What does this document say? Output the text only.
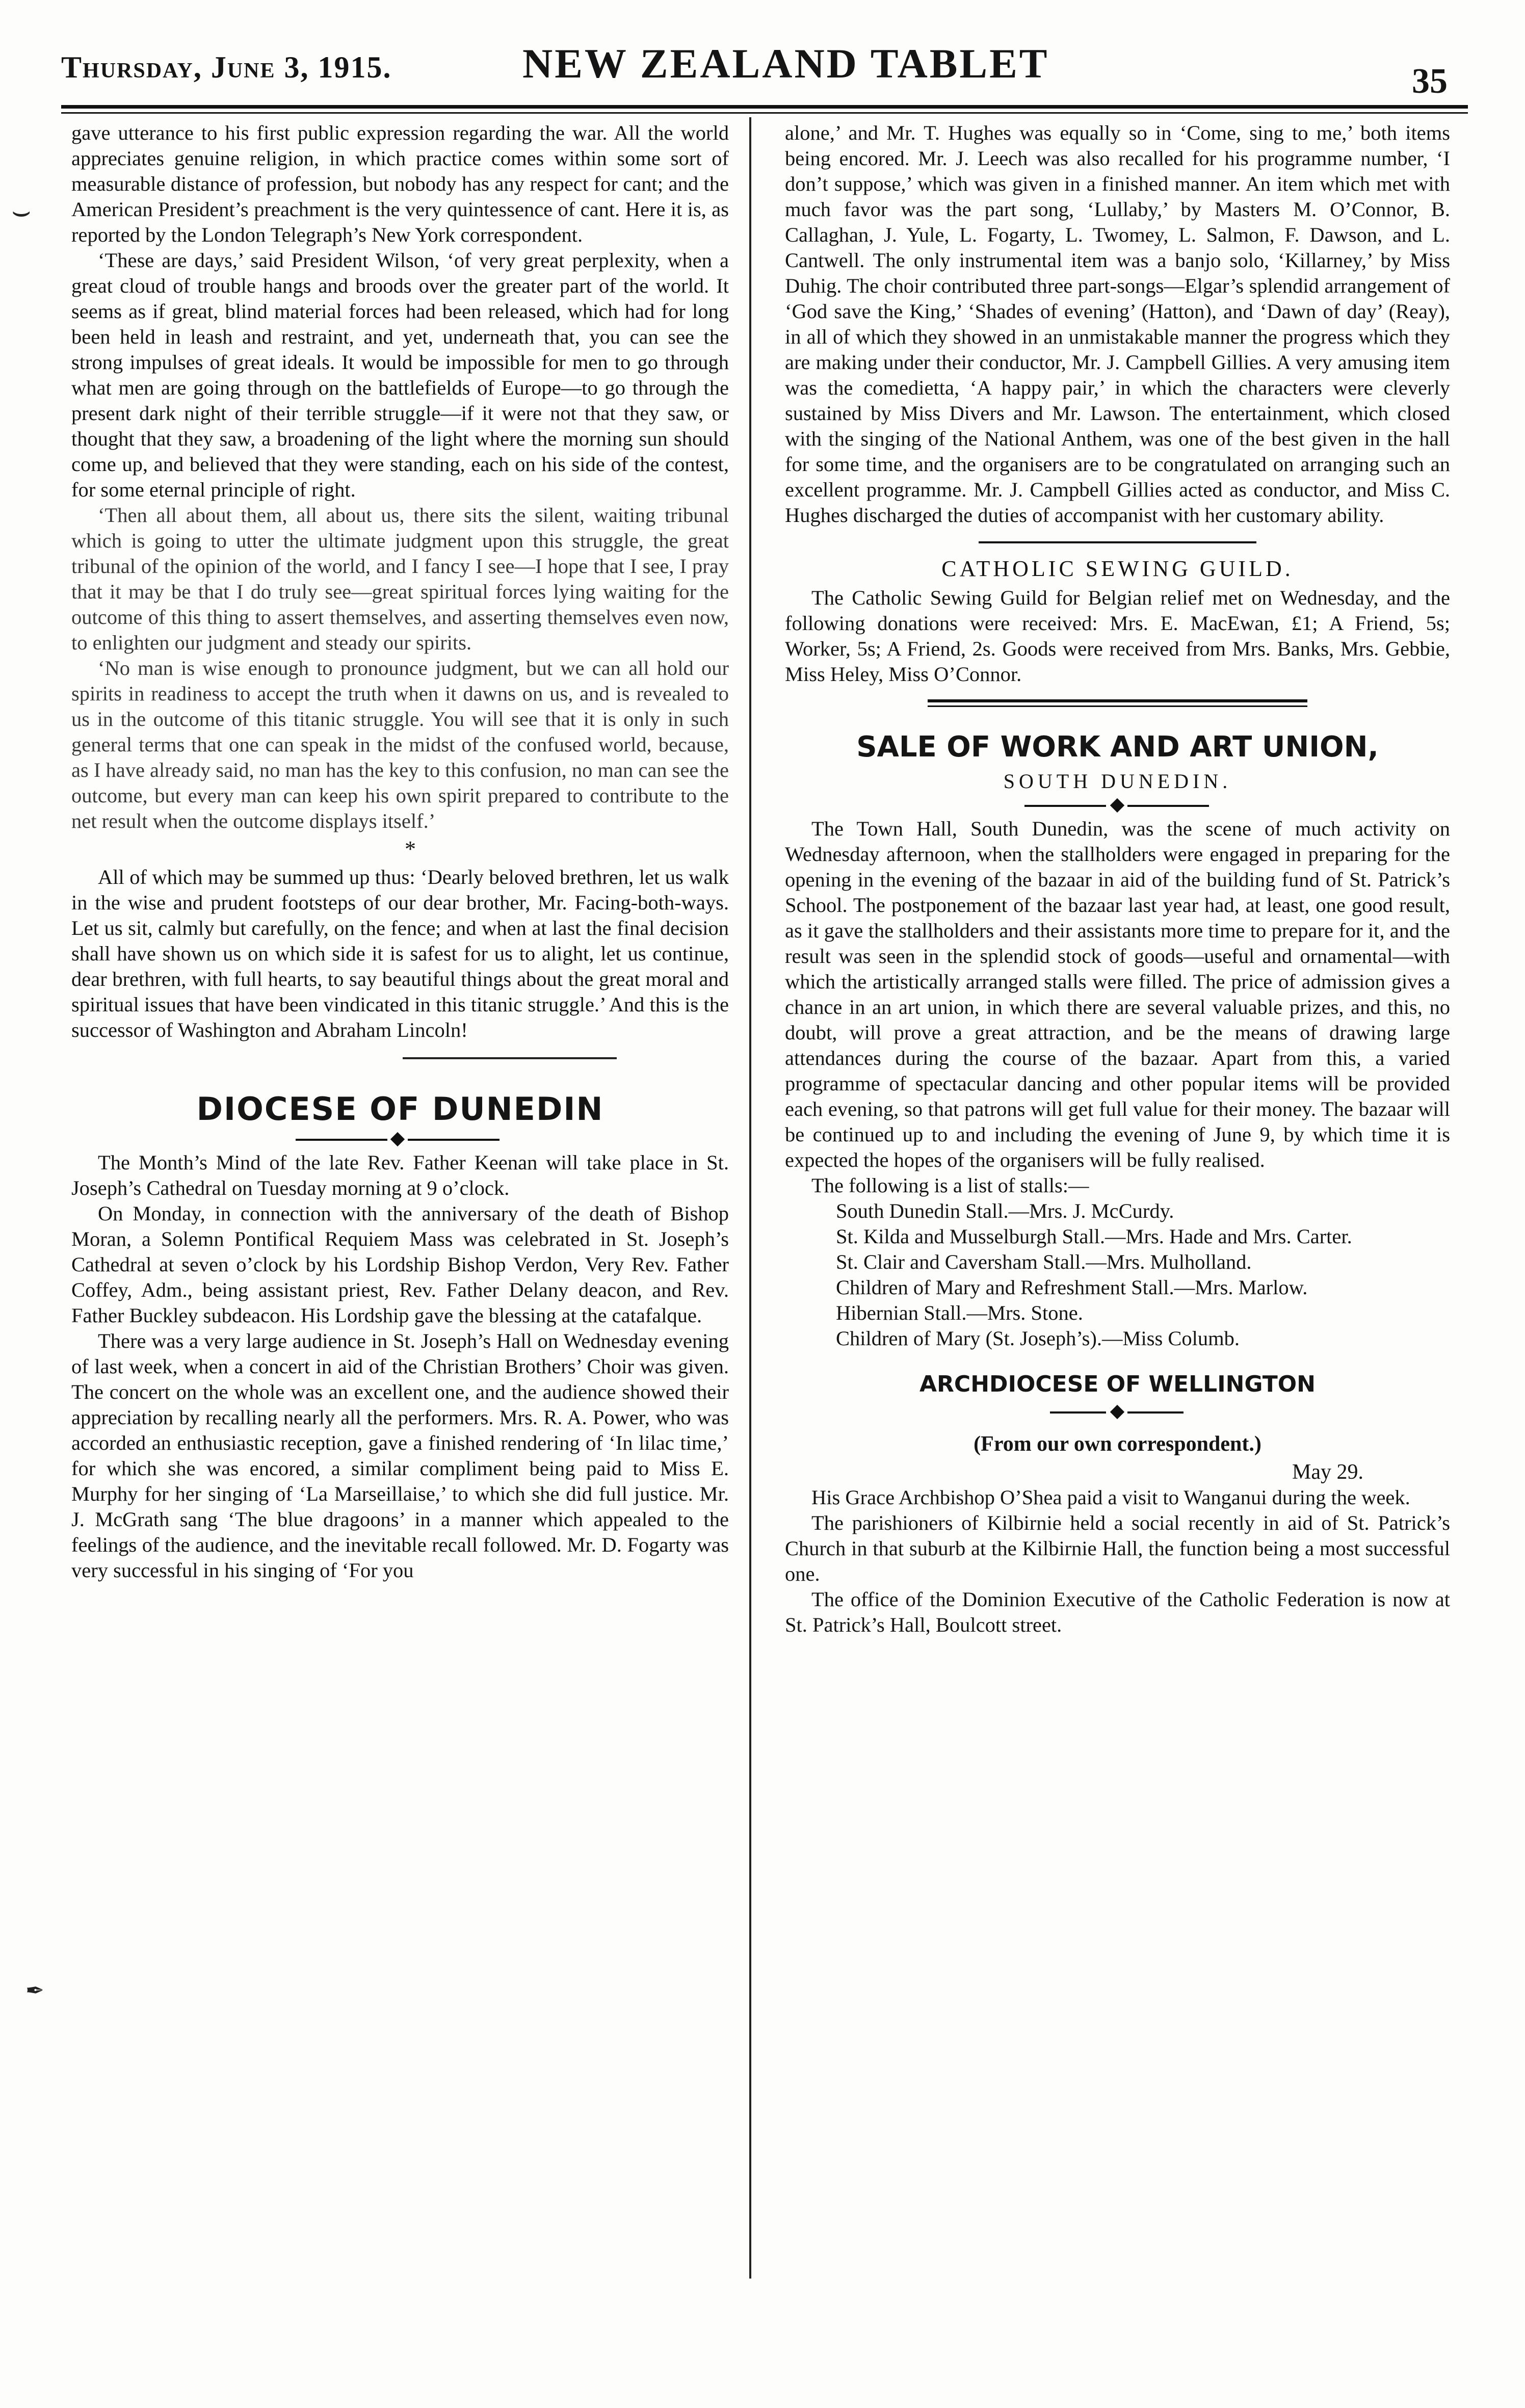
Thursday, June 3, 1915.	NEW ZEALAND TABLET	35
⌣
✒

gave utterance to his first public expression regarding the war. All the world appreciates genuine religion, in which practice comes within some sort of measurable distance of profession, but nobody has any respect for cant; and the American President’s preachment is the very quintessence of cant. Here it is, as reported by the London Telegraph’s New York correspondent.

‘These are days,’ said President Wilson, ‘of very great perplexity, when a great cloud of trouble hangs and broods over the greater part of the world. It seems as if great, blind material forces had been released, which had for long been held in leash and restraint, and yet, underneath that, you can see the strong impulses of great ideals. It would be impossible for men to go through what men are going through on the battlefields of Europe—to go through the present dark night of their terrible struggle—if it were not that they saw, or thought that they saw, a broadening of the light where the morning sun should come up, and believed that they were standing, each on his side of the contest, for some eternal principle of right.

‘Then all about them, all about us, there sits the silent, waiting tribunal which is going to utter the ultimate judgment upon this struggle, the great tribunal of the opinion of the world, and I fancy I see—I hope that I see, I pray that it may be that I do truly see—great spiritual forces lying waiting for the outcome of this thing to assert themselves, and asserting themselves even now, to enlighten our judgment and steady our spirits.

‘No man is wise enough to pronounce judgment, but we can all hold our spirits in readiness to accept the truth when it dawns on us, and is revealed to us in the outcome of this titanic struggle. You will see that it is only in such general terms that one can speak in the midst of the confused world, because, as I have already said, no man has the key to this confusion, no man can see the outcome, but every man can keep his own spirit prepared to contribute to the net result when the outcome displays itself.’

*

All of which may be summed up thus: ‘Dearly beloved brethren, let us walk in the wise and prudent footsteps of our dear brother, Mr. Facing-both-ways. Let us sit, calmly but carefully, on the fence; and when at last the final decision shall have shown us on which side it is safest for us to alight, let us continue, dear brethren, with full hearts, to say beautiful things about the great moral and spiritual issues that have been vindicated in this titanic struggle.’ And this is the successor of Washington and Abraham Lincoln!

DIOCESE OF DUNEDIN

The Month’s Mind of the late Rev. Father Keenan will take place in St. Joseph’s Cathedral on Tuesday morning at 9 o’clock.

On Monday, in connection with the anniversary of the death of Bishop Moran, a Solemn Pontifical Requiem Mass was celebrated in St. Joseph’s Cathedral at seven o’clock by his Lordship Bishop Verdon, Very Rev. Father Coffey, Adm., being assistant priest, Rev. Father Delany deacon, and Rev. Father Buckley subdeacon. His Lordship gave the blessing at the catafalque.

There was a very large audience in St. Joseph’s Hall on Wednesday evening of last week, when a concert in aid of the Christian Brothers’ Choir was given. The concert on the whole was an excellent one, and the audience showed their appreciation by recalling nearly all the performers. Mrs. R. A. Power, who was accorded an enthusiastic reception, gave a finished rendering of ‘In lilac time,’ for which she was encored, a similar compliment being paid to Miss E. Murphy for her singing of ‘La Marseillaise,’ to which she did full justice. Mr. J. McGrath sang ‘The blue dragoons’ in a manner which appealed to the feelings of the audience, and the inevitable recall followed. Mr. D. Fogarty was very successful in his singing of ‘For you

alone,’ and Mr. T. Hughes was equally so in ‘Come, sing to me,’ both items being encored. Mr. J. Leech was also recalled for his programme number, ‘I don’t suppose,’ which was given in a finished manner. An item which met with much favor was the part song, ‘Lullaby,’ by Masters M. O’Connor, B. Callaghan, J. Yule, L. Fogarty, L. Twomey, L. Salmon, F. Dawson, and L. Cantwell. The only instrumental item was a banjo solo, ‘Killarney,’ by Miss Duhig. The choir contributed three part-songs—Elgar’s splendid arrangement of ‘God save the King,’ ‘Shades of evening’ (Hatton), and ‘Dawn of day’ (Reay), in all of which they showed in an unmistakable manner the progress which they are making under their conductor, Mr. J. Campbell Gillies. A very amusing item was the comedietta, ‘A happy pair,’ in which the characters were cleverly sustained by Miss Divers and Mr. Lawson. The entertainment, which closed with the singing of the National Anthem, was one of the best given in the hall for some time, and the organisers are to be congratulated on arranging such an excellent programme. Mr. J. Campbell Gillies acted as conductor, and Miss C. Hughes discharged the duties of accompanist with her customary ability.

CATHOLIC SEWING GUILD.

The Catholic Sewing Guild for Belgian relief met on Wednesday, and the following donations were received: Mrs. E. MacEwan, £1; A Friend, 5s; Worker, 5s; A Friend, 2s. Goods were received from Mrs. Banks, Mrs. Gebbie, Miss Heley, Miss O’Connor.

SALE OF WORK AND ART UNION,
SOUTH DUNEDIN.

The Town Hall, South Dunedin, was the scene of much activity on Wednesday afternoon, when the stallholders were engaged in preparing for the opening in the evening of the bazaar in aid of the building fund of St. Patrick’s School. The postponement of the bazaar last year had, at least, one good result, as it gave the stallholders and their assistants more time to prepare for it, and the result was seen in the splendid stock of goods—useful and ornamental—with which the artistically arranged stalls were filled. The price of admission gives a chance in an art union, in which there are several valuable prizes, and this, no doubt, will prove a great attraction, and be the means of drawing large attendances during the course of the bazaar. Apart from this, a varied programme of spectacular dancing and other popular items will be provided each evening, so that patrons will get full value for their money. The bazaar will be continued up to and including the evening of June 9, by which time it is expected the hopes of the organisers will be fully realised.

The following is a list of stalls:—

South Dunedin Stall.—Mrs. J. McCurdy.
St. Kilda and Musselburgh Stall.—Mrs. Hade and Mrs. Carter.
St. Clair and Caversham Stall.—Mrs. Mulholland.
Children of Mary and Refreshment Stall.—Mrs. Marlow.
Hibernian Stall.—Mrs. Stone.
Children of Mary (St. Joseph’s).—Miss Columb.
ARCHDIOCESE OF WELLINGTON
(From our own correspondent.)
May 29.

His Grace Archbishop O’Shea paid a visit to Wanganui during the week.

The parishioners of Kilbirnie held a social recently in aid of St. Patrick’s Church in that suburb at the Kilbirnie Hall, the function being a most successful one.

The office of the Dominion Executive of the Catholic Federation is now at St. Patrick’s Hall, Boulcott street.
